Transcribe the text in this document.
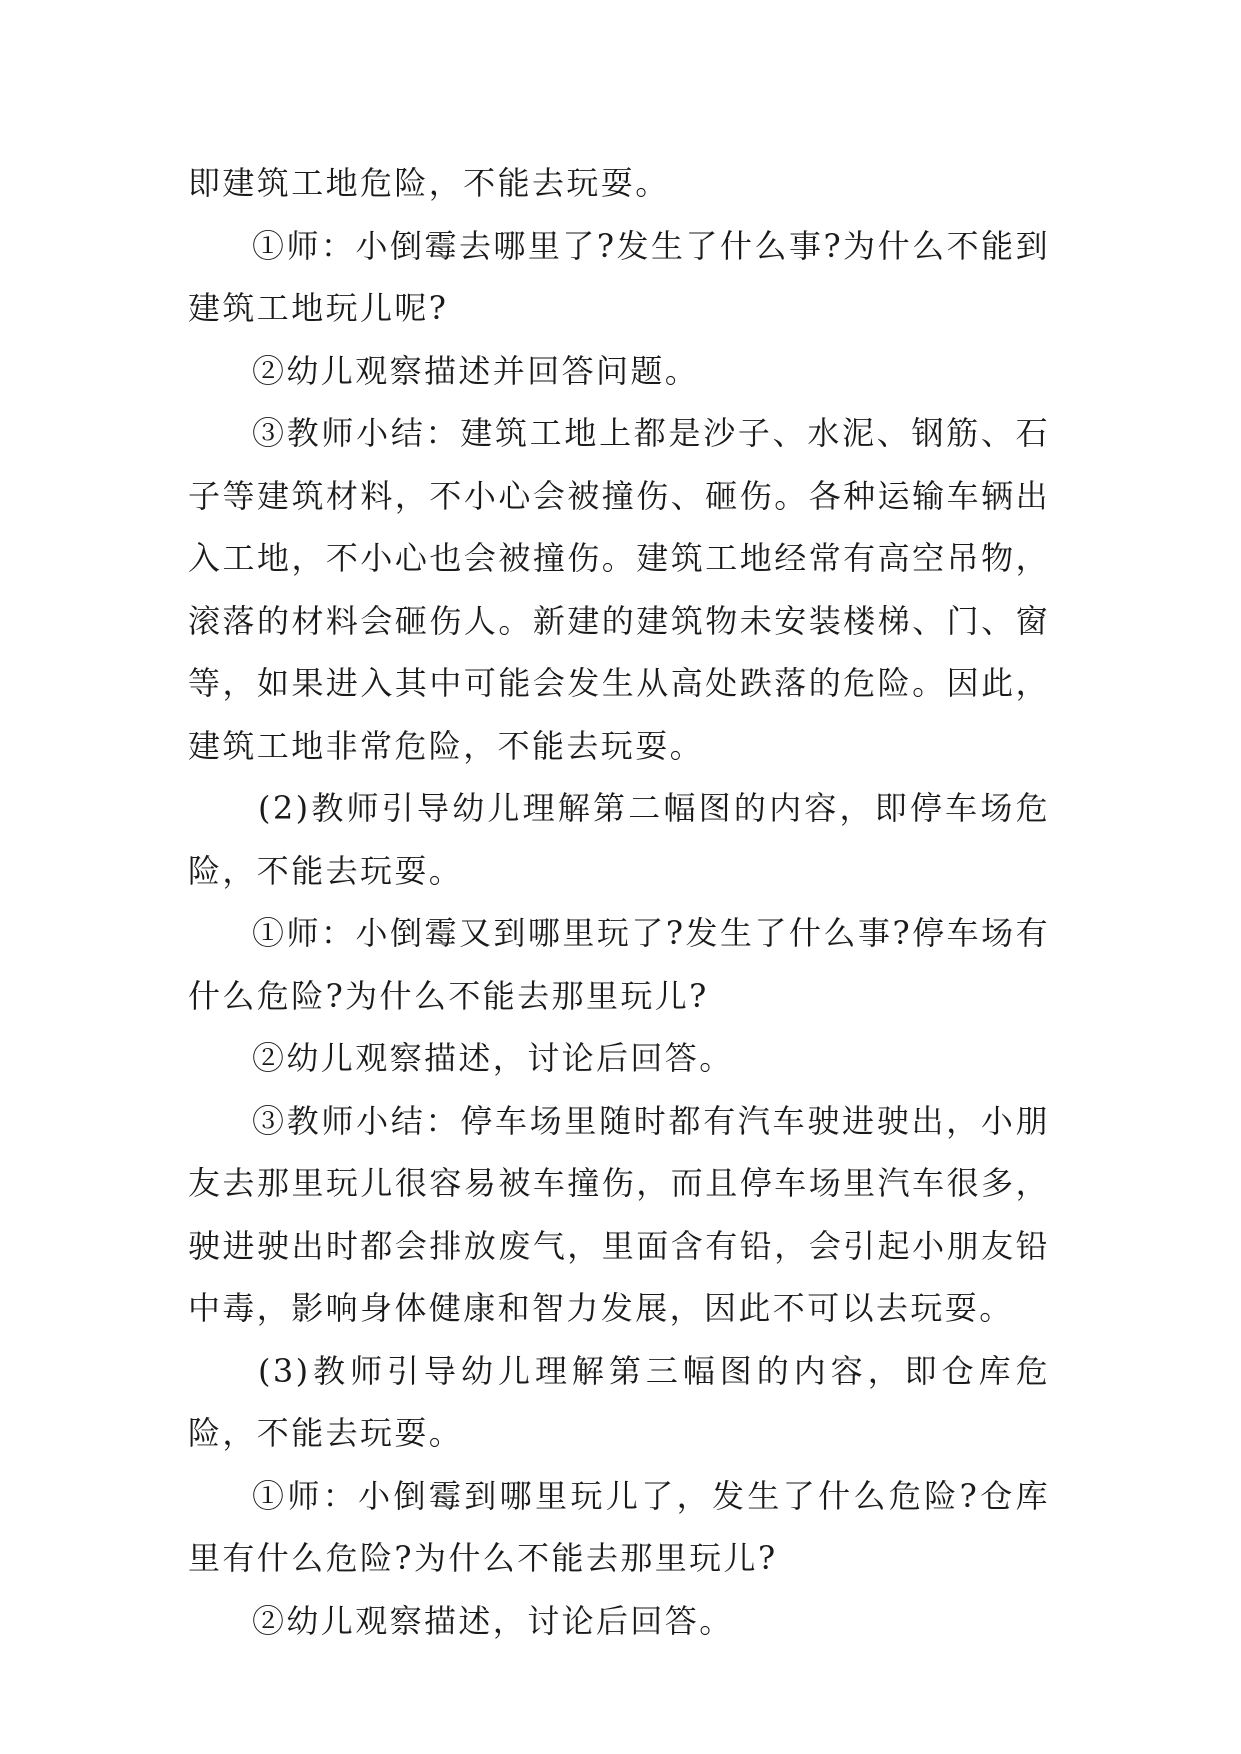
即建筑工地危险，不能去玩耍。

①师：小倒霉去哪里了?发生了什么事?为什么不能到建筑工地玩儿呢?

②幼儿观察描述并回答问题。

③教师小结：建筑工地上都是沙子、水泥、钢筋、石子等建筑材料，不小心会被撞伤、砸伤。各种运输车辆出入工地，不小心也会被撞伤。建筑工地经常有高空吊物，滚落的材料会砸伤人。新建的建筑物未安装楼梯、门、窗等，如果进入其中可能会发生从高处跌落的危险。因此，建筑工地非常危险，不能去玩耍。

(2)教师引导幼儿理解第二幅图的内容，即停车场危险，不能去玩耍。

①师：小倒霉又到哪里玩了?发生了什么事?停车场有什么危险?为什么不能去那里玩儿?

②幼儿观察描述，讨论后回答。

③教师小结：停车场里随时都有汽车驶进驶出，小朋友去那里玩儿很容易被车撞伤，而且停车场里汽车很多，驶进驶出时都会排放废气，里面含有铅，会引起小朋友铅中毒，影响身体健康和智力发展，因此不可以去玩耍。

(3)教师引导幼儿理解第三幅图的内容，即仓库危险，不能去玩耍。

①师：小倒霉到哪里玩儿了，发生了什么危险?仓库里有什么危险?为什么不能去那里玩儿?

②幼儿观察描述，讨论后回答。
